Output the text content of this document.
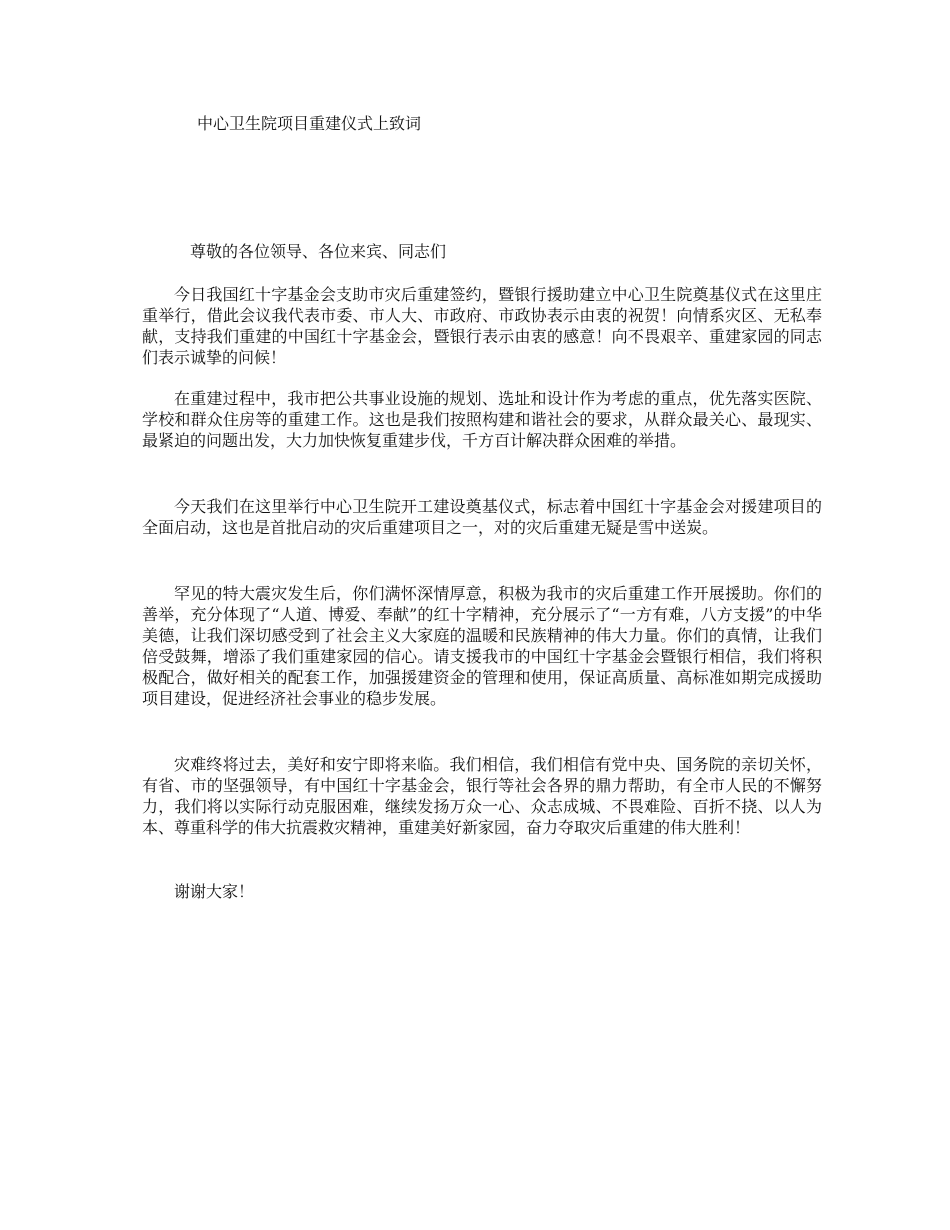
中心卫生院项目重建仪式上致词

尊敬的各位领导、各位来宾、同志们

今日我国红十字基金会支助市灾后重建签约，暨银行援助建立中心卫生院奠基仪式在这里庄重举行，借此会议我代表市委、市人大、市政府、市政协表示由衷的祝贺！向情系灾区、无私奉献，支持我们重建的中国红十字基金会，暨银行表示由衷的感意！向不畏艰辛、重建家园的同志们表示诚挚的问候！

在重建过程中，我市把公共事业设施的规划、选址和设计作为考虑的重点，优先落实医院、学校和群众住房等的重建工作。这也是我们按照构建和谐社会的要求，从群众最关心、最现实、最紧迫的问题出发，大力加快恢复重建步伐，千方百计解决群众困难的举措。

今天我们在这里举行中心卫生院开工建设奠基仪式，标志着中国红十字基金会对援建项目的全面启动，这也是首批启动的灾后重建项目之一，对的灾后重建无疑是雪中送炭。

罕见的特大震灾发生后，你们满怀深情厚意，积极为我市的灾后重建工作开展援助。你们的善举，充分体现了“人道、博爱、奉献”的红十字精神，充分展示了“一方有难，八方支援”的中华美德，让我们深切感受到了社会主义大家庭的温暖和民族精神的伟大力量。你们的真情，让我们倍受鼓舞，增添了我们重建家园的信心。请支援我市的中国红十字基金会暨银行相信，我们将积极配合，做好相关的配套工作，加强援建资金的管理和使用，保证高质量、高标准如期完成援助项目建设，促进经济社会事业的稳步发展。

灾难终将过去，美好和安宁即将来临。我们相信，我们相信有党中央、国务院的亲切关怀，有省、市的坚强领导，有中国红十字基金会，银行等社会各界的鼎力帮助，有全市人民的不懈努力，我们将以实际行动克服困难，继续发扬万众一心、众志成城、不畏难险、百折不挠、以人为本、尊重科学的伟大抗震救灾精神，重建美好新家园，奋力夺取灾后重建的伟大胜利！

谢谢大家！
